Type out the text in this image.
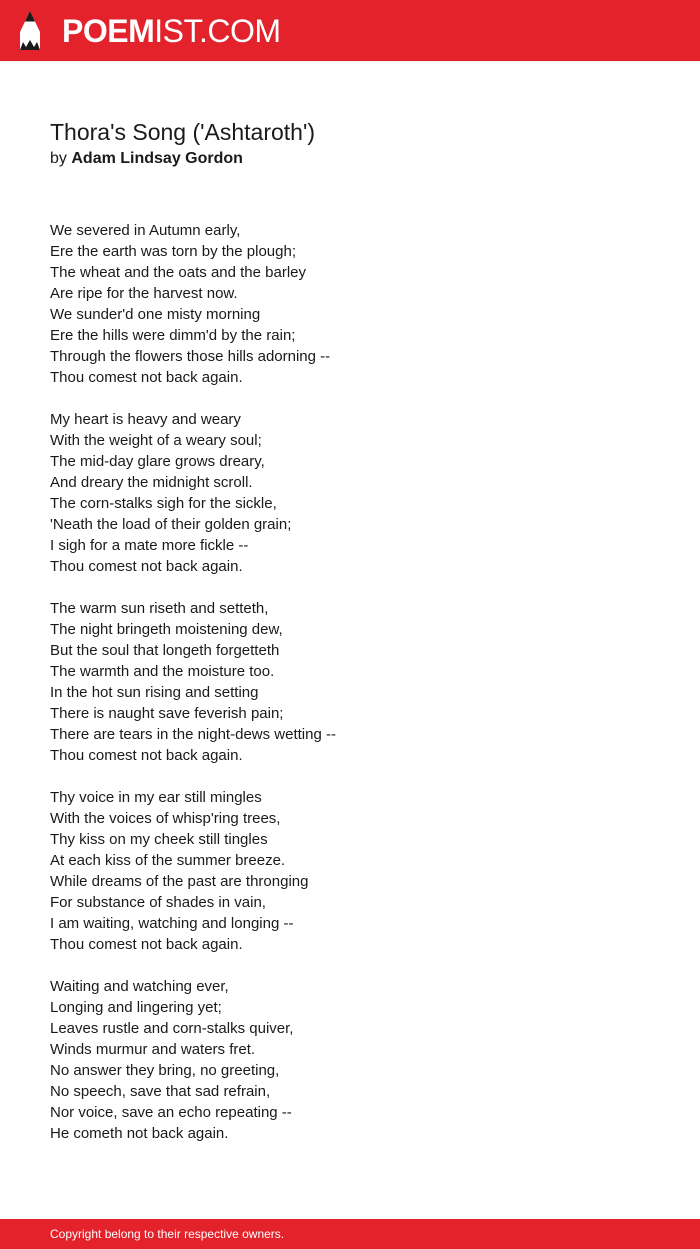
POEMIST.COM
Thora's Song ('Ashtaroth')
by Adam Lindsay Gordon
We severed in Autumn early,
Ere the earth was torn by the plough;
The wheat and the oats and the barley
Are ripe for the harvest now.
We sunder'd one misty morning
Ere the hills were dimm'd by the rain;
Through the flowers those hills adorning --
Thou comest not back again.
My heart is heavy and weary
With the weight of a weary soul;
The mid-day glare grows dreary,
And dreary the midnight scroll.
The corn-stalks sigh for the sickle,
'Neath the load of their golden grain;
I sigh for a mate more fickle --
Thou comest not back again.
The warm sun riseth and setteth,
The night bringeth moistening dew,
But the soul that longeth forgetteth
The warmth and the moisture too.
In the hot sun rising and setting
There is naught save feverish pain;
There are tears in the night-dews wetting --
Thou comest not back again.
Thy voice in my ear still mingles
With the voices of whisp'ring trees,
Thy kiss on my cheek still tingles
At each kiss of the summer breeze.
While dreams of the past are thronging
For substance of shades in vain,
I am waiting, watching and longing --
Thou comest not back again.
Waiting and watching ever,
Longing and lingering yet;
Leaves rustle and corn-stalks quiver,
Winds murmur and waters fret.
No answer they bring, no greeting,
No speech, save that sad refrain,
Nor voice, save an echo repeating --
He cometh not back again.
Copyright belong to their respective owners.
